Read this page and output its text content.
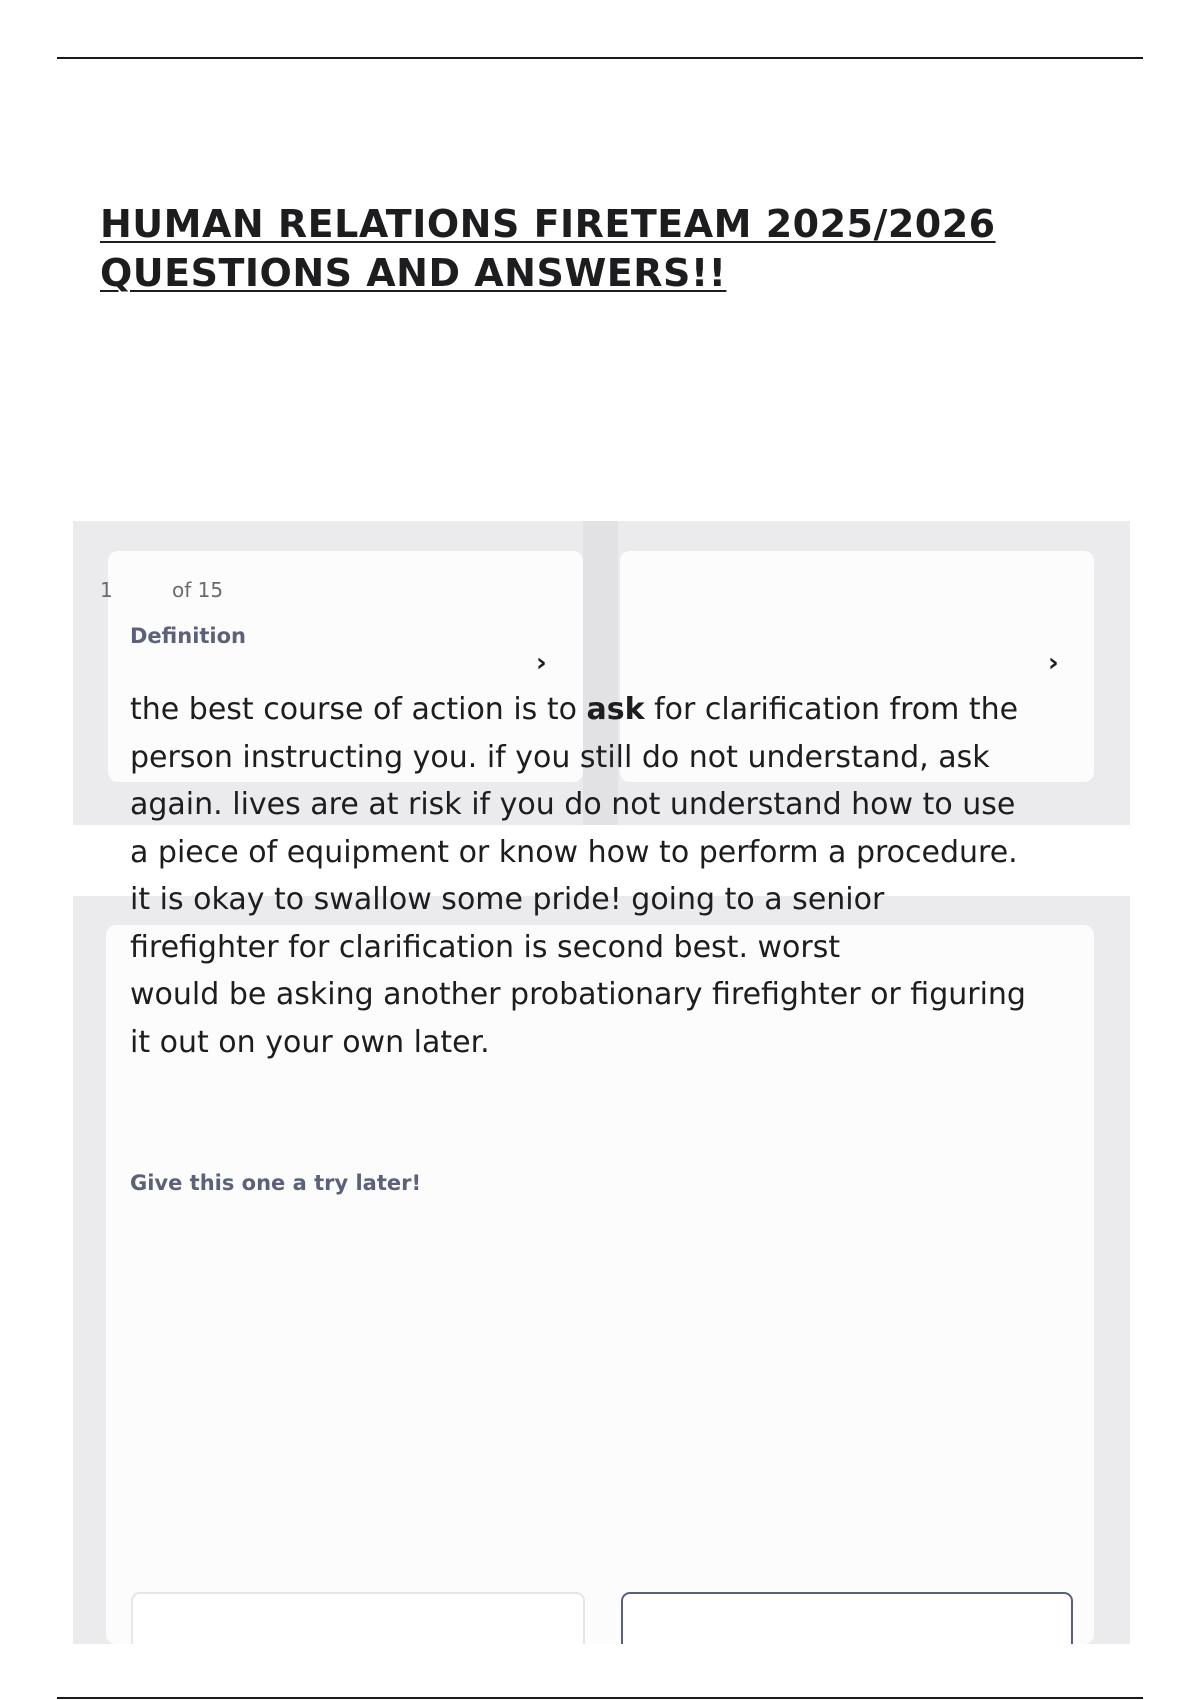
HUMAN RELATIONS FIRETEAM 2025/2026
QUESTIONS AND ANSWERS!!
1	of 15
Definition
›	›
the best course of action is to ask for clarification from the
person instructing you. if you still do not understand, ask
again. lives are at risk if you do not understand how to use
a piece of equipment or know how to perform a procedure.
it is okay to swallow some pride! going to a senior
firefighter for clarification is second best. worst
would be asking another probationary firefighter or figuring
it out on your own later.
Give this one a try later!
